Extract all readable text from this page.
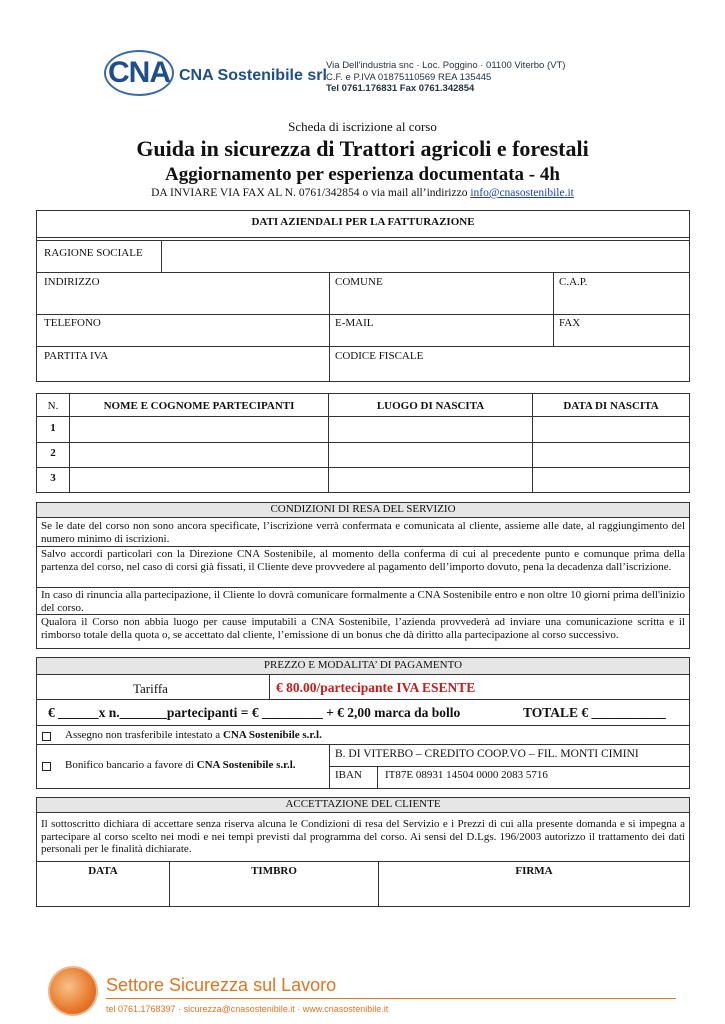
CNA CNA Sostenibile srl
Via Dell'industria snc · Loc. Poggino · 01100 Viterbo (VT)
C.F. e P.IVA 01875110569 REA 135445
Tel 0761.176831 Fax 0761.342854
Scheda di iscrizione al corso
Guida in sicurezza di Trattori agricoli e forestali
Aggiornamento per esperienza documentata - 4h
DA INVIARE VIA FAX AL N. 0761/342854 o via mail all’indirizzo info@cnasostenibile.it
DATI AZIENDALI PER LA FATTURAZIONE
RAGIONE SOCIALE
INDIRIZZO	COMUNE	C.A.P.
TELEFONO	E-MAIL	FAX
PARTITA IVA	CODICE FISCALE
N.	NOME E COGNOME PARTECIPANTI	LUOGO DI NASCITA	DATA DI NASCITA
1
2
3
CONDIZIONI DI RESA DEL SERVIZIO
Se le date del corso non sono ancora specificate, l’iscrizione verrà confermata e comunicata al cliente, assieme alle date, al raggiungimento del numero minimo di iscrizioni.
Salvo accordi particolari con la Direzione CNA Sostenibile, al momento della conferma di cui al precedente punto e comunque prima della partenza del corso, nel caso di corsi già fissati, il Cliente deve provvedere al pagamento dell’importo dovuto, pena la decadenza dall’iscrizione.
In caso di rinuncia alla partecipazione, il Cliente lo dovrà comunicare formalmente a CNA Sostenibile entro e non oltre 10 giorni prima dell'inizio del corso.
Qualora il Corso non abbia luogo per cause imputabili a CNA Sostenibile, l’azienda provvederà ad inviare una comunicazione scritta e il rimborso totale della quota o, se accettato dal cliente, l’emissione di un bonus che dà diritto alla partecipazione al corso successivo.
PREZZO E MODALITA’ DI PAGAMENTO
Tariffa	€ 80.00/partecipante IVA ESENTE
€ ______x n._______partecipanti = € _________ + € 2,00 marca da bollo	TOTALE € ___________
Assegno non trasferibile intestato a CNA Sostenibile s.r.l.
Bonifico bancario a favore di CNA Sostenibile s.r.l.
B. DI VITERBO – CREDITO COOP.VO – FIL. MONTI CIMINI
IBAN IT87E 08931 14504 0000 2083 5716
ACCETTAZIONE DEL CLIENTE
Il sottoscritto dichiara di accettare senza riserva alcuna le Condizioni di resa del Servizio e i Prezzi di cui alla presente domanda e si impegna a partecipare al corso scelto nei modi e nei tempi previsti dal programma del corso. Ai sensi del D.Lgs. 196/2003 autorizzo il trattamento dei dati personali per le finalità dichiarate.
DATA	TIMBRO	FIRMA
Settore Sicurezza sul Lavoro
tel 0761.1768397 · sicurezza@cnasostenibile.it · www.cnasostenibile.it
